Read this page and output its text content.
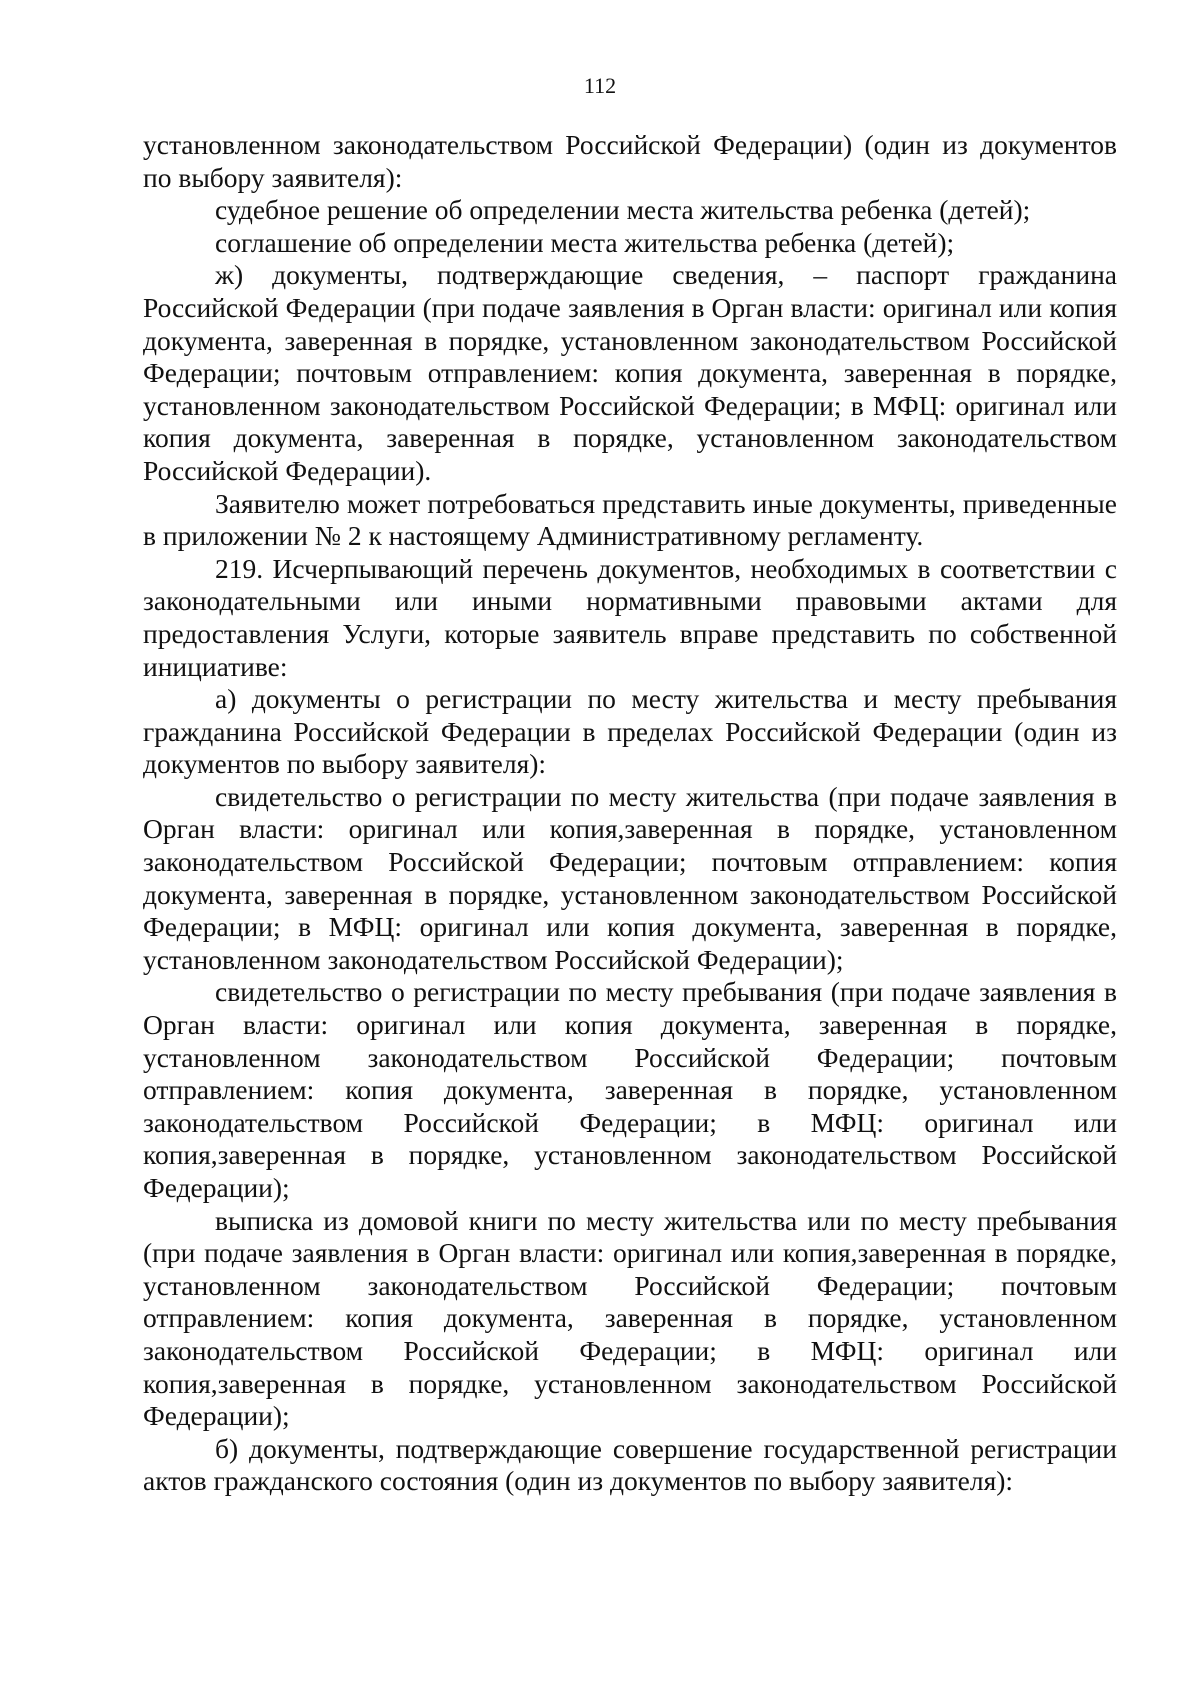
112

установленном законодательством Российской Федерации) (один из документов по выбору заявителя):

судебное решение об определении места жительства ребенка (детей);

соглашение об определении места жительства ребенка (детей);

ж) документы, подтверждающие сведения, – паспорт гражданина Российской Федерации (при подаче заявления в Орган власти: оригинал или копия документа, заверенная в порядке, установленном законодательством Российской Федерации; почтовым отправлением: копия документа, заверенная в порядке, установленном законодательством Российской Федерации; в МФЦ: оригинал или копия документа, заверенная в порядке, установленном законодательством Российской Федерации).

Заявителю может потребоваться представить иные документы, приведенные в приложении № 2 к настоящему Административному регламенту.

219. Исчерпывающий перечень документов, необходимых в соответствии с законодательными или иными нормативными правовыми актами для предоставления Услуги, которые заявитель вправе представить по собственной инициативе:

а) документы о регистрации по месту жительства и месту пребывания гражданина Российской Федерации в пределах Российской Федерации (один из документов по выбору заявителя):

свидетельство о регистрации по месту жительства (при подаче заявления в Орган власти: оригинал или копия,заверенная в порядке, установленном законодательством Российской Федерации; почтовым отправлением: копия документа, заверенная в порядке, установленном законодательством Российской Федерации; в МФЦ: оригинал или копия документа, заверенная в порядке, установленном законодательством Российской Федерации);

свидетельство о регистрации по месту пребывания (при подаче заявления в Орган власти: оригинал или копия документа, заверенная в порядке, установленном законодательством Российской Федерации; почтовым отправлением: копия документа, заверенная в порядке, установленном законодательством Российской Федерации; в МФЦ: оригинал или копия,заверенная в порядке, установленном законодательством Российской Федерации);

выписка из домовой книги по месту жительства или по месту пребывания (при подаче заявления в Орган власти: оригинал или копия,заверенная в порядке, установленном законодательством Российской Федерации; почтовым отправлением: копия документа, заверенная в порядке, установленном законодательством Российской Федерации; в МФЦ: оригинал или копия,заверенная в порядке, установленном законодательством Российской Федерации);

б) документы, подтверждающие совершение государственной регистрации актов гражданского состояния (один из документов по выбору заявителя):
